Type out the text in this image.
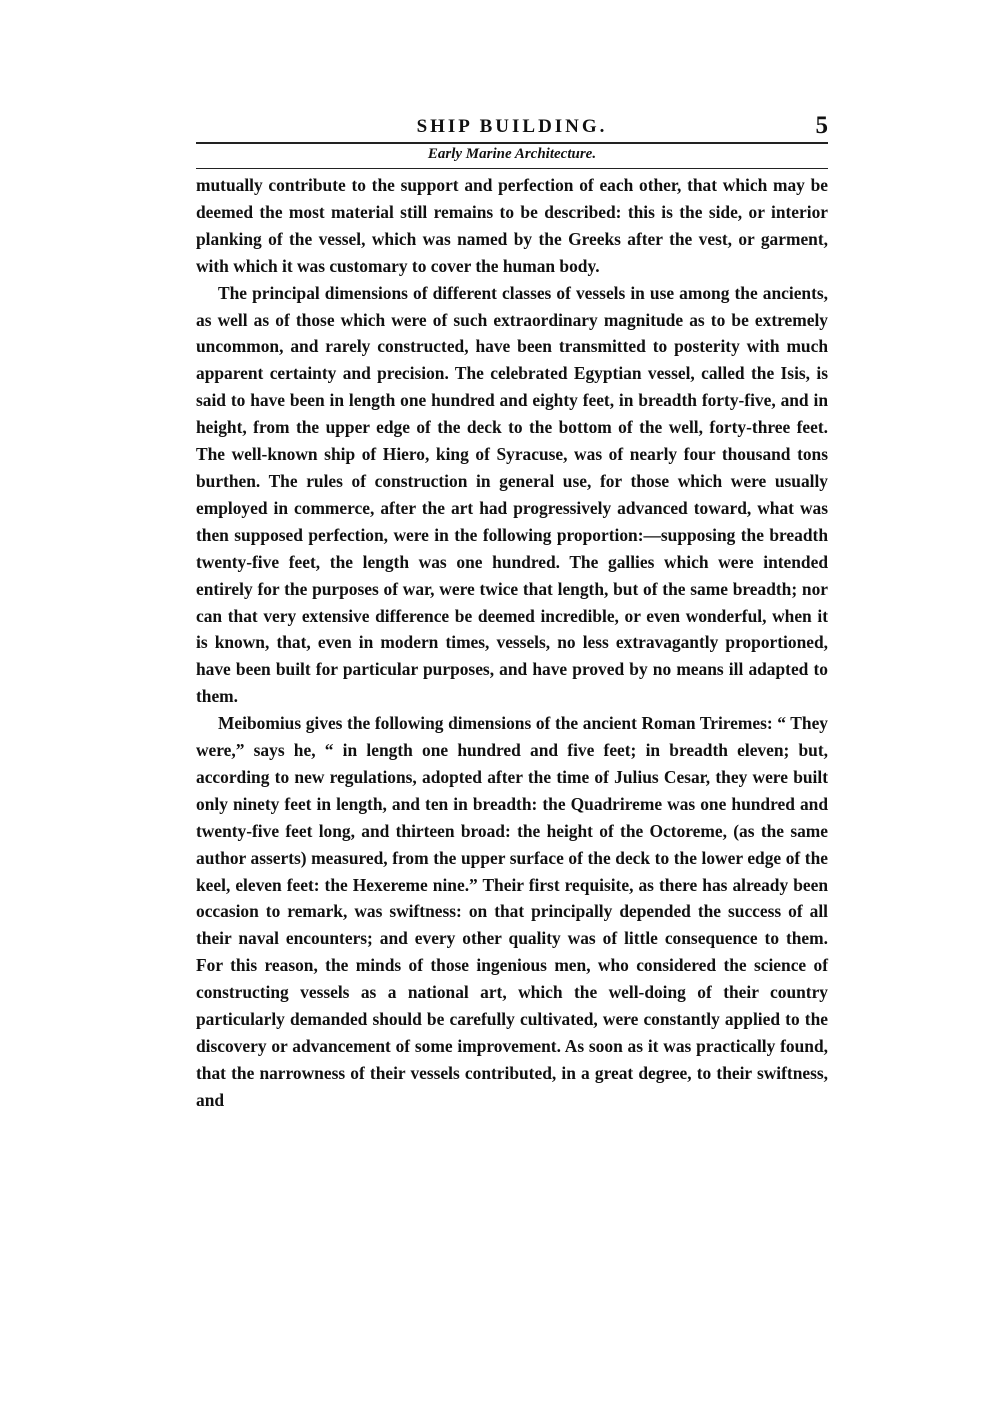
SHIP BUILDING.	5
Early Marine Architecture.

mutually contribute to the support and perfection of each other, that which may be deemed the most material still remains to be described: this is the side, or interior planking of the vessel, which was named by the Greeks after the vest, or garment, with which it was customary to cover the human body.

The principal dimensions of different classes of vessels in use among the ancients, as well as of those which were of such extraordinary magnitude as to be extremely uncommon, and rarely constructed, have been transmitted to posterity with much apparent certainty and precision. The celebrated Egyptian vessel, called the Isis, is said to have been in length one hundred and eighty feet, in breadth forty-five, and in height, from the upper edge of the deck to the bottom of the well, forty-three feet. The well-known ship of Hiero, king of Syracuse, was of nearly four thousand tons burthen. The rules of construction in general use, for those which were usually employed in commerce, after the art had progressively advanced toward, what was then supposed perfection, were in the following proportion:—supposing the breadth twenty-five feet, the length was one hundred. The gallies which were intended entirely for the purposes of war, were twice that length, but of the same breadth; nor can that very extensive difference be deemed incredible, or even wonderful, when it is known, that, even in modern times, vessels, no less extravagantly proportioned, have been built for particular purposes, and have proved by no means ill adapted to them.

Meibomius gives the following dimensions of the ancient Roman Triremes: “ They were,” says he, “ in length one hundred and five feet; in breadth eleven; but, according to new regulations, adopted after the time of Julius Cesar, they were built only ninety feet in length, and ten in breadth: the Quadrireme was one hundred and twenty-five feet long, and thirteen broad: the height of the Octoreme, (as the same author asserts) measured, from the upper surface of the deck to the lower edge of the keel, eleven feet: the Hexereme nine.” Their first requisite, as there has already been occasion to remark, was swiftness: on that principally depended the success of all their naval encounters; and every other quality was of little consequence to them. For this reason, the minds of those ingenious men, who considered the science of constructing vessels as a national art, which the well-doing of their country particularly demanded should be carefully cultivated, were constantly applied to the discovery or advancement of some improvement. As soon as it was practically found, that the narrowness of their vessels contributed, in a great degree, to their swiftness, and
